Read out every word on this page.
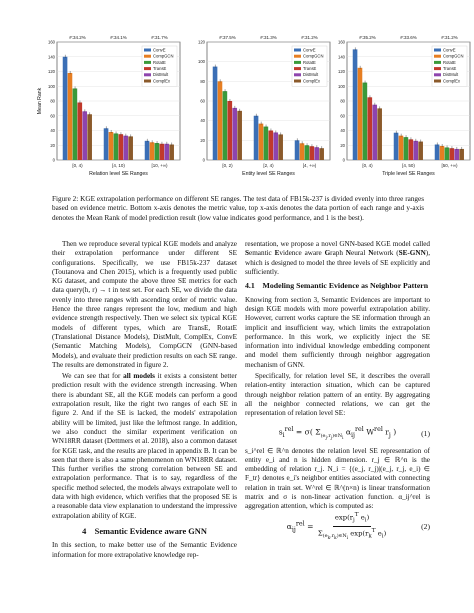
0
20
40
60
80
100
120
140
160
[0, 4)
#:34.2%
[4, 10)
#:34.1%
[10, +∞)
#:31.7%
Relation level SE Ranges
Mean Rank
ConvE
CompGCN
RotatE
TransE
DistMult
ComplEx
0
20
40
60
80
100
120
[0, 2)
#:37.5%
[2, 4)
#:31.3%
[4, +∞)
#:31.2%
Entity level SE Ranges
ConvE
CompGCN
RotatE
TransE
DistMult
ComplEx
0
20
40
60
80
100
120
140
160
[0, 4)
#:35.2%
[4, 50)
#:33.6%
[50, +∞)
#:31.2%
Triple level SE Ranges
ConvE
CompGCN
RotatE
TransE
DistMult
ComplEx
Figure 2: KGE extrapolation performance on different SE ranges. The test data of FB15k-237 is divided evenly into three ranges based on evidence metric. Bottom x-axis denotes the metric value, top x-axis denotes the data portion of each range and y-axis denotes the Mean Rank of model prediction result (low value indicates good performance, and 1 is the best).

Then we reproduce several typical KGE models and analyze their extrapolation performance under different SE configurations. Specifically, we use FB15k-237 dataset (Toutanova and Chen 2015), which is a frequently used public KG dataset, and compute the above three SE metrics for each data query(h, r) → t in test set. For each SE, we divide the data evenly into three ranges with ascending order of metric value. Hence the three ranges represent the low, medium and high evidence strength respectively. Then we select six typical KGE models of different types, which are TransE, RotatE (Translational Distance Models), DistMult, ComplEx, ConvE (Semantic Matching Models), CompGCN (GNN-based Models), and evaluate their prediction results on each SE range. The results are demonstrated in figure 2.

We can see that for all models it exists a consistent better prediction result with the evidence strength increasing. When there is abundant SE, all the KGE models can perform a good extrapolation result, like the right two ranges of each SE in figure 2. And if the SE is lacked, the models' extrapolation ability will be limited, just like the leftmost range. In addition, we also conduct the similar experiment verification on WN18RR dataset (Dettmers et al. 2018), also a common dataset for KGE task, and the results are placed in appendix B. It can be seen that there is also a same phenomenon on WN18RR dataset. This further verifies the strong correlation between SE and extrapolation performance. That is to say, regardless of the specific method selected, the models always extrapolate well to data with high evidence, which verifies that the proposed SE is a reasonable data view explanation to understand the impressive extrapolation ability of KGE.

4    Semantic Evidence aware GNN

In this section, to make better use of the Semantic Evidence information for more extrapolative knowledge rep-

resentation, we propose a novel GNN-based KGE model called Semantic Evidence aware Graph Neural Network (SE-GNN), which is designed to model the three levels of SE explicitly and sufficiently.

4.1    Modeling Semantic Evidence as Neighbor Pattern

Knowing from section 3, Semantic Evidences are important to design KGE models with more powerful extrapolation ability. However, current works capture the SE information through an implicit and insufficient way, which limits the extrapolation performance. In this work, we explicitly inject the SE information into individual knowledge embedding component and model them sufficiently through neighbor aggregation mechanism of GNN.

Specifically, for relation level SE, it describes the overall relation-entity interaction situation, which can be captured through neighbor relation pattern of an entity. By aggregating all the neighbor connected relations, we can get the representation of relation level SE:

$s_i^{rel} = \sigma$( $\Sigma_{(e_j,r_j)\in N_i}$ $\alpha_{ij}^{rel}$ $W^{rel}$ $r_j$ )	(1)

s_i^rel ∈ ℝ^n denotes the relation level SE representation of entity e_i and n is hidden dimension. r_j ∈ ℝ^n is the embedding of relation r_j. N_i = {(e_j, r_j)|(e_j, r_j, e_i) ∈ F_tr} denotes e_i's neighbor entities associated with connecting relation in train set. W^rel ∈ ℝ^(n×n) is linear transformation matrix and σ is non-linear activation function. α_ij^rel is aggregation attention, which is computed as:

$\alpha_{ij}^{rel} = \frac{\exp(r_j^T e_i)}{\Sigma_{(e_k,r_k)\in N_i} \exp(r_k^T e_i)}$	(2)
